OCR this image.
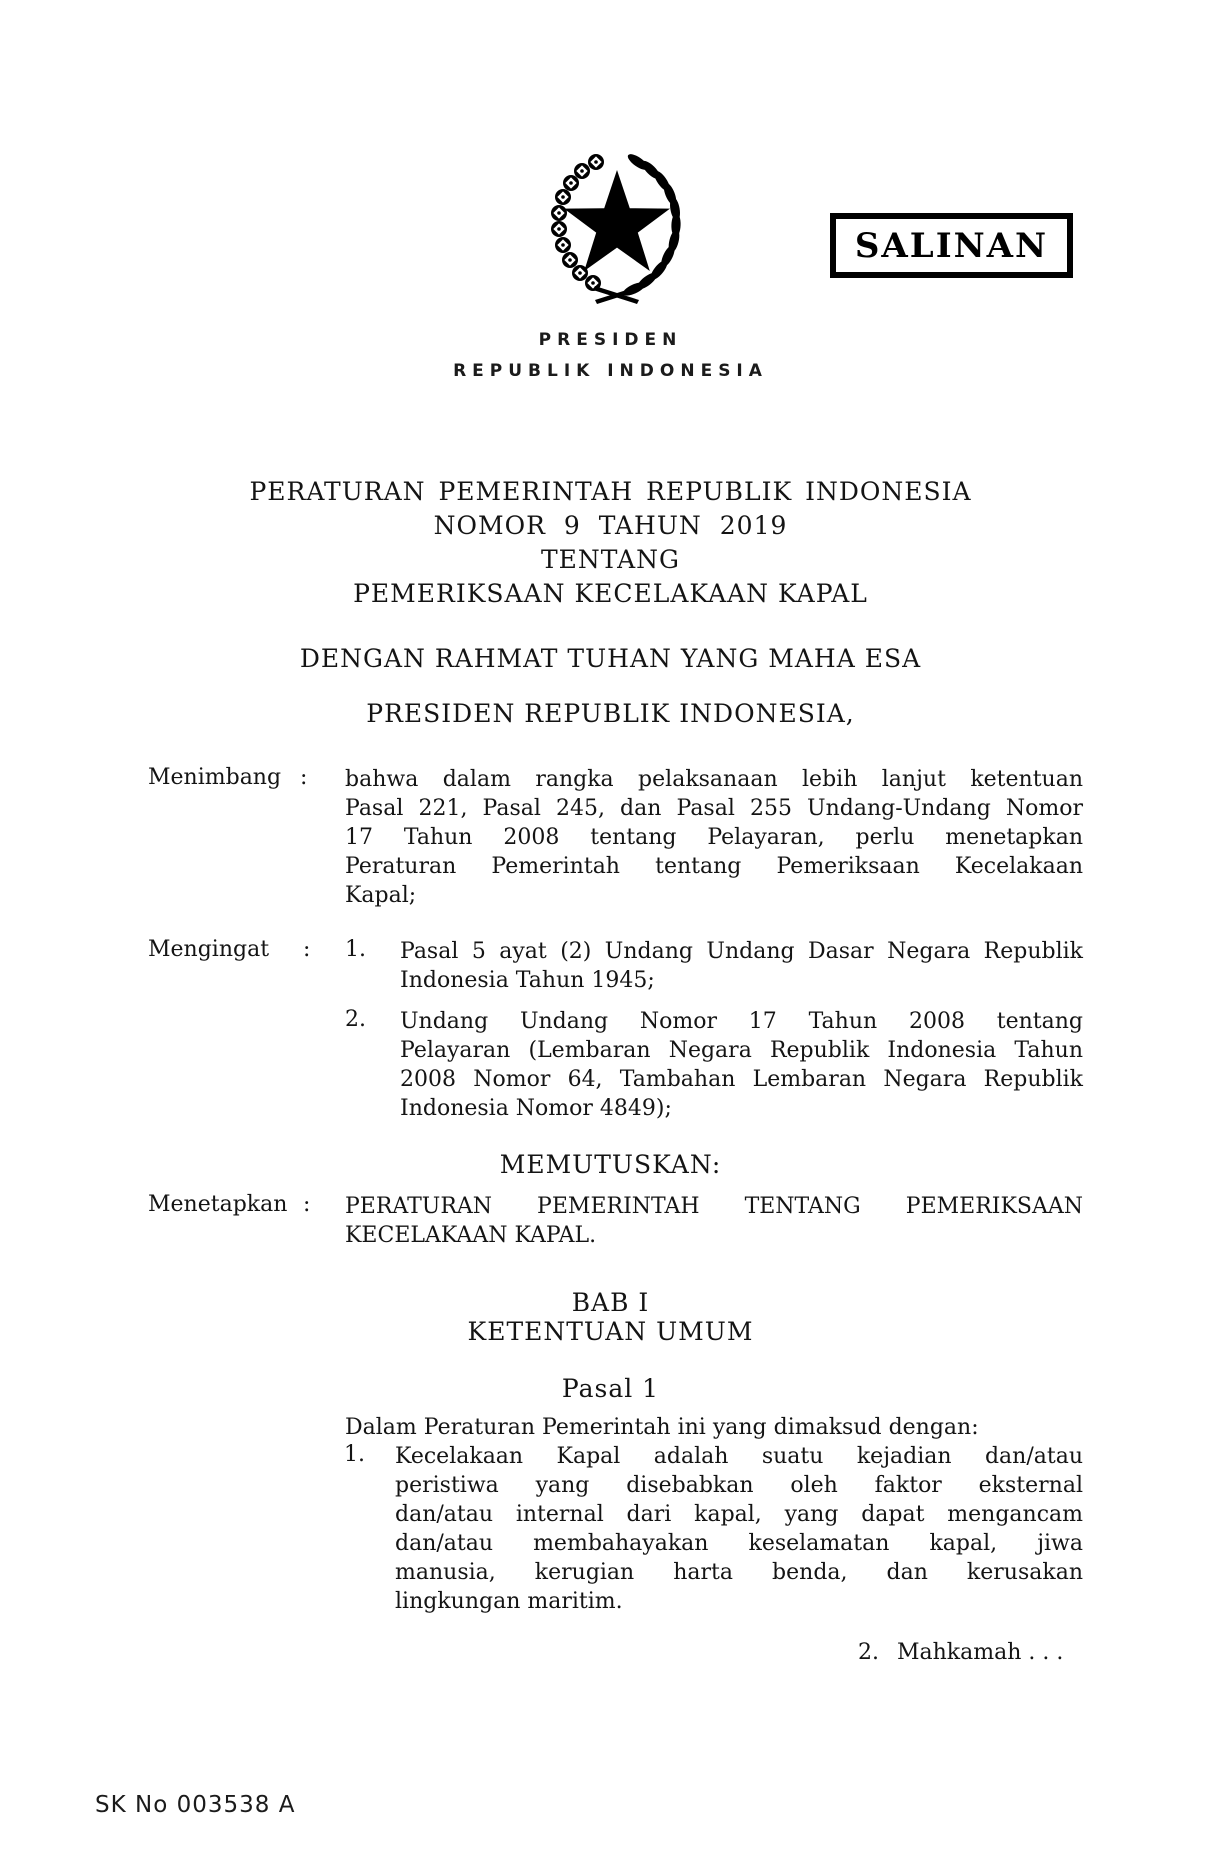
SALINAN
PRESIDEN
REPUBLIK INDONESIA
PERATURAN PEMERINTAH REPUBLIK INDONESIA
NOMOR 9 TAHUN 2019
TENTANG
PEMERIKSAAN KECELAKAAN KAPAL
DENGAN RAHMAT TUHAN YANG MAHA ESA
PRESIDEN REPUBLIK INDONESIA,
Menimbang : bahwa dalam rangka pelaksanaan lebih lanjut ketentuan
Pasal 221, Pasal 245, dan Pasal 255 Undang-Undang Nomor
17 Tahun 2008 tentang Pelayaran, perlu menetapkan
Peraturan Pemerintah tentang Pemeriksaan Kecelakaan
Kapal;
Mengingat : 1. Pasal 5 ayat (2) Undang Undang Dasar Negara Republik
Indonesia Tahun 1945;
2. Undang Undang Nomor 17 Tahun 2008 tentang
Pelayaran (Lembaran Negara Republik Indonesia Tahun
2008 Nomor 64, Tambahan Lembaran Negara Republik
Indonesia Nomor 4849);
MEMUTUSKAN:
Menetapkan : PERATURAN PEMERINTAH TENTANG PEMERIKSAAN
KECELAKAAN KAPAL.
BAB I
KETENTUAN UMUM
Pasal 1
Dalam Peraturan Pemerintah ini yang dimaksud dengan:
1. Kecelakaan Kapal adalah suatu kejadian dan/atau
peristiwa yang disebabkan oleh faktor eksternal
dan/atau internal dari kapal, yang dapat mengancam
dan/atau membahayakan keselamatan kapal, jiwa
manusia, kerugian harta benda, dan kerusakan
lingkungan maritim.
2. Mahkamah . . .
SK No 003538 A
